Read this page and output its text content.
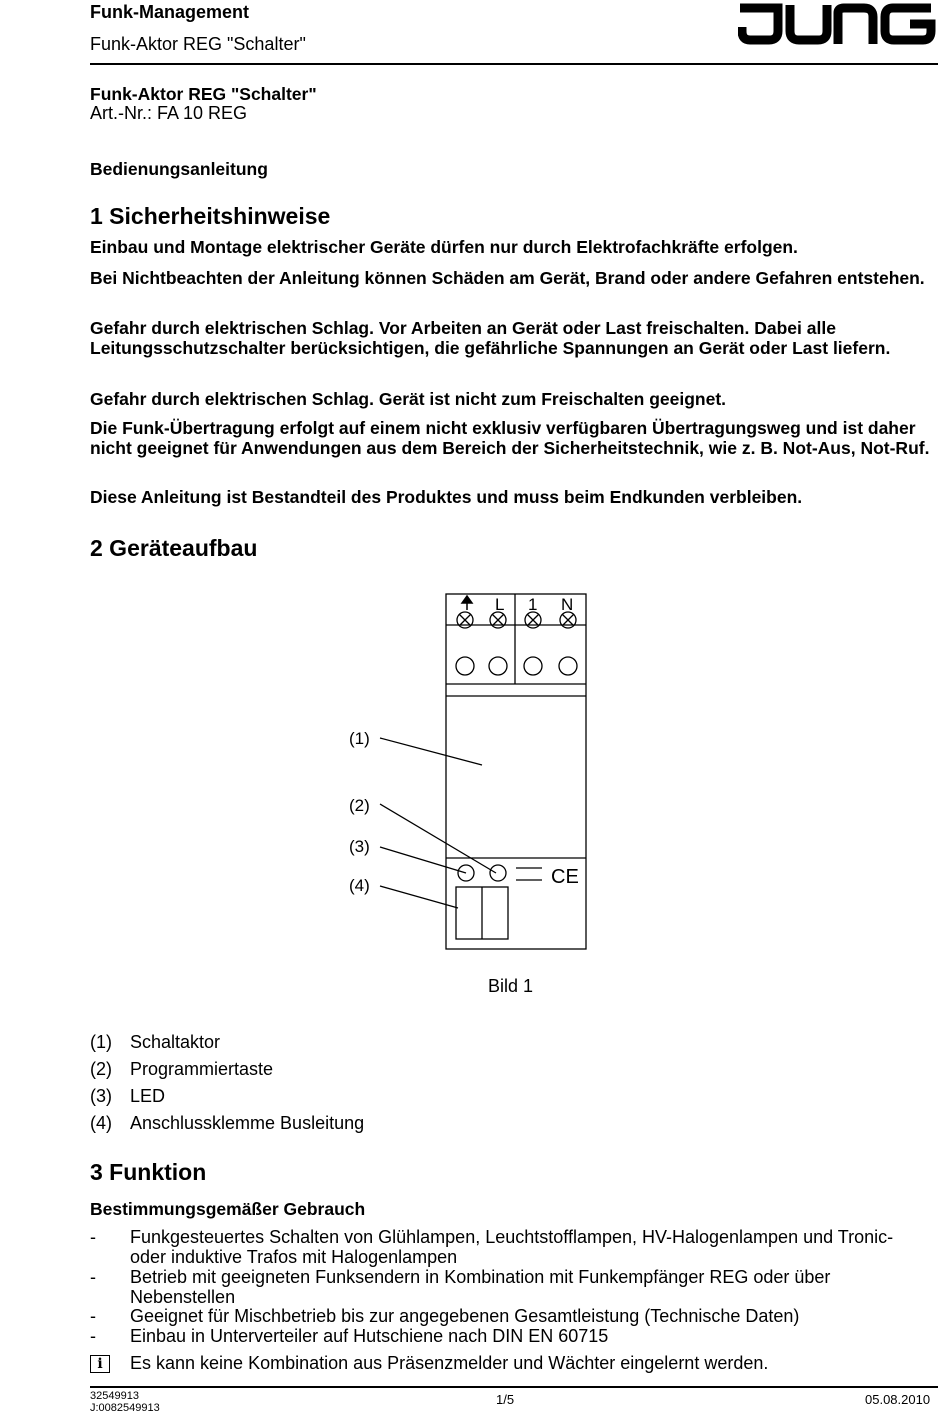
Funk-Management
Funk-Aktor REG "Schalter"
Funk-Aktor REG "Schalter"
Art.-Nr.: FA 10 REG
Bedienungsanleitung
1 Sicherheitshinweise
Einbau und Montage elektrischer Geräte dürfen nur durch Elektrofachkräfte erfolgen.
Bei Nichtbeachten der Anleitung können Schäden am Gerät, Brand oder andere Gefahren entstehen.
Gefahr durch elektrischen Schlag. Vor Arbeiten an Gerät oder Last freischalten. Dabei alle Leitungsschutzschalter berücksichtigen, die gefährliche Spannungen an Gerät oder Last liefern.
Gefahr durch elektrischen Schlag. Gerät ist nicht zum Freischalten geeignet.
Die Funk-Übertragung erfolgt auf einem nicht exklusiv verfügbaren Übertragungsweg und ist daher nicht geeignet für Anwendungen aus dem Bereich der Sicherheitstechnik, wie z. B. Not-Aus, Not-Ruf.
Diese Anleitung ist Bestandteil des Produktes und muss beim Endkunden verbleiben.
2 Geräteaufbau
L 1 N
(1)
(2)
(3)
(4)	CE
Bild 1
(1) Schaltaktor
(2) Programmiertaste
(3) LED
(4) Anschlussklemme Busleitung
3 Funktion
Bestimmungsgemäßer Gebrauch
- Funkgesteuertes Schalten von Glühlampen, Leuchtstofflampen, HV-Halogenlampen und Tronic- oder induktive Trafos mit Halogenlampen
- Betrieb mit geeigneten Funksendern in Kombination mit Funkempfänger REG oder über Nebenstellen
- Geeignet für Mischbetrieb bis zur angegebenen Gesamtleistung (Technische Daten)
- Einbau in Unterverteiler auf Hutschiene nach DIN EN 60715
i	Es kann keine Kombination aus Präsenzmelder und Wächter eingelernt werden.
32549913
J:0082549913
1/5	05.08.2010
